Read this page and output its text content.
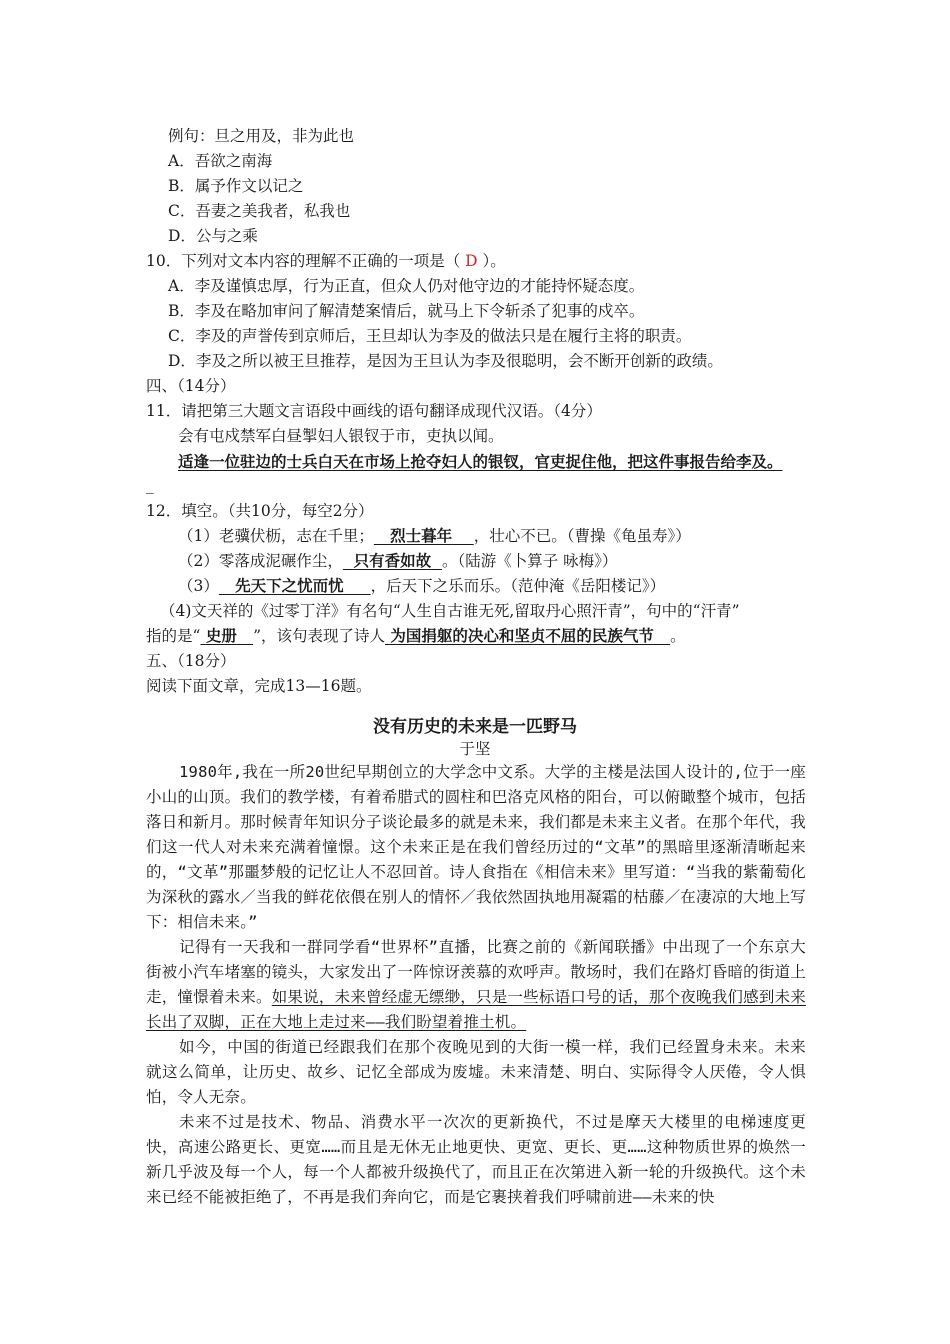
例句：旦之用及，非为此也
A．吾欲之南海
B．属予作文以记之
C．吾妻之美我者，私我也
D．公与之乘
10．下列对文本内容的理解不正确的一项是（ D ）。
A．李及谨慎忠厚，行为正直，但众人仍对他守边的才能持怀疑态度。
B．李及在略加审问了解清楚案情后，就马上下令斩杀了犯事的戍卒。
C．李及的声誉传到京师后，王旦却认为李及的做法只是在履行主将的职责。
D．李及之所以被王旦推荐，是因为王旦认为李及很聪明，会不断开创新的政绩。
四、（14分）
11．请把第三大题文言语段中画线的语句翻译成现代汉语。（4分）
会有屯戍禁军白昼掣妇人银钗于市，吏执以闻。
适逢一位驻边的士兵白天在市场上抢夺妇人的银钗，官吏捉住他，把这件事报告给李及。
_
12．填空。（共10分，每空2分）
（1）老骥伏枥，志在千里； 烈士暮年 ，壮心不已。（曹操《龟虽寿》）
（2）零落成泥碾作尘， 只有香如故 。（陆游《卜算子 咏梅》）
（3） 先天下之忧而忧 ，后天下之乐而乐。（范仲淹《岳阳楼记》）
（4)文天祥的《过零丁洋》有名句“人生自古谁无死,留取丹心照汗青”，句中的“汗青”
指的是“ 史册 ”，该句表现了诗人 为国捐躯的决心和坚贞不屈的民族气节 。
五、（18分）
阅读下面文章，完成13—16题。
没有历史的未来是一匹野马
于坚

1980年,我在一所20世纪早期创立的大学念中文系。大学的主楼是法国人设计的,位于一座小山的山顶。我们的教学楼，有着希腊式的圆柱和巴洛克风格的阳台，可以俯瞰整个城市，包括落日和新月。那时候青年知识分子谈论最多的就是未来，我们都是未来主义者。在那个年代，我们这一代人对未来充满着憧憬。这个未来正是在我们曾经历过的“文革”的黑暗里逐渐清晰起来的，“文革”那噩梦般的记忆让人不忍回首。诗人食指在《相信未来》里写道：“当我的紫葡萄化为深秋的露水／当我的鲜花依偎在别人的情怀／我依然固执地用凝霜的枯藤／在凄凉的大地上写下：相信未来。”

记得有一天我和一群同学看“世界杯”直播，比赛之前的《新闻联播》中出现了一个东京大街被小汽车堵塞的镜头，大家发出了一阵惊讶羡慕的欢呼声。散场时，我们在路灯昏暗的街道上走，憧憬着未来。如果说，未来曾经虚无缥缈，只是一些标语口号的话，那个夜晚我们感到未来长出了双脚，正在大地上走过来——我们盼望着推土机。

如今，中国的街道已经跟我们在那个夜晚见到的大街一模一样，我们已经置身未来。未来就这么简单，让历史、故乡、记忆全部成为废墟。未来清楚、明白、实际得令人厌倦，令人惧怕，令人无奈。

未来不过是技术、物品、消费水平一次次的更新换代，不过是摩天大楼里的电梯速度更快，高速公路更长、更宽……而且是无休无止地更快、更宽、更长、更……这种物质世界的焕然一新几乎波及每一个人，每一个人都被升级换代了，而且正在次第进入新一轮的升级换代。这个未来已经不能被拒绝了，不再是我们奔向它，而是它裹挟着我们呼啸前进——未来的快
